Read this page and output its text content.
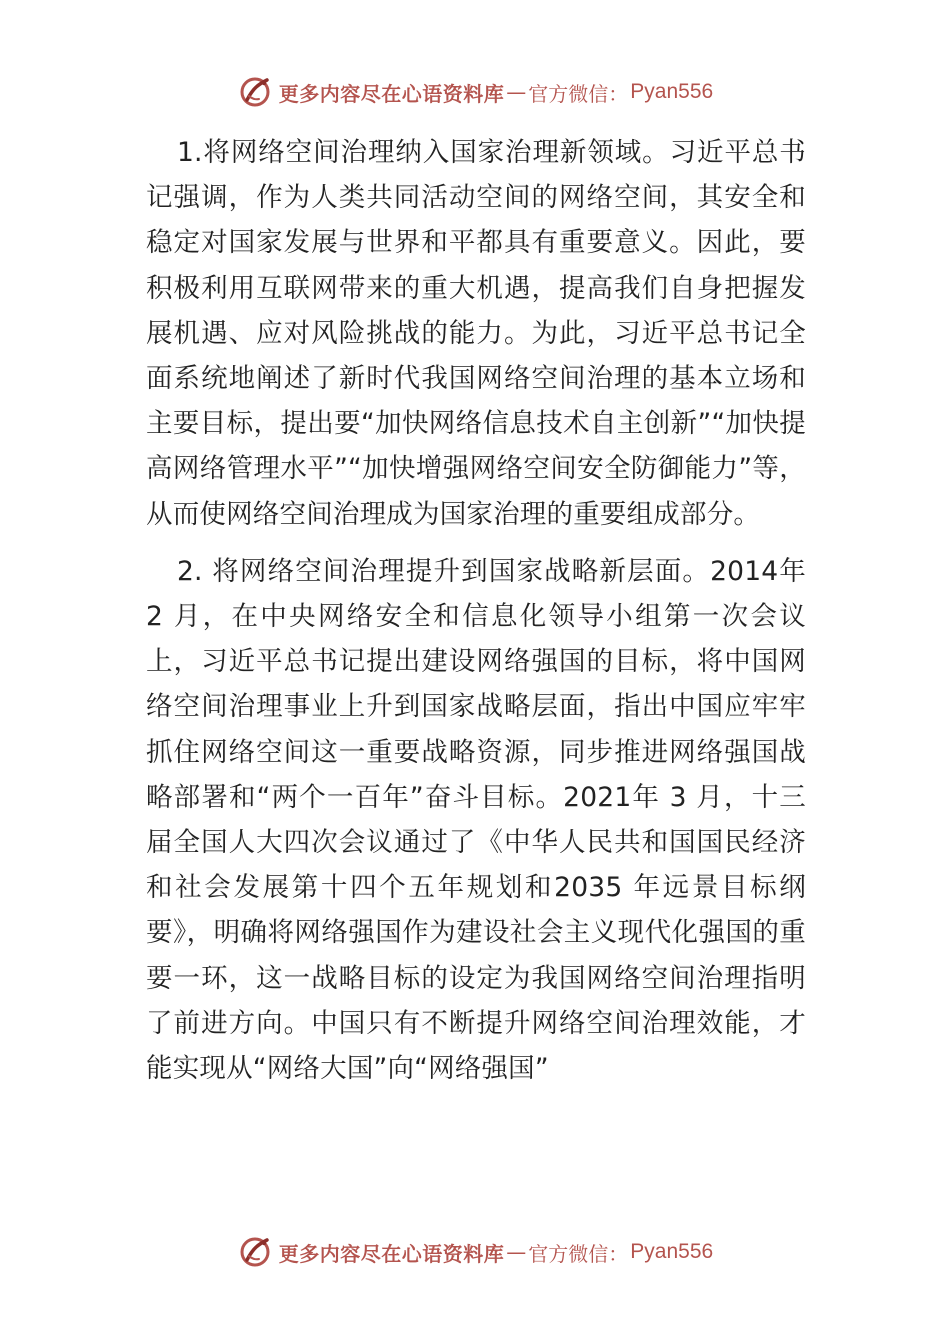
更多内容尽在心语资料库 — 官方微信： Pyan556

1.将网络空间治理纳入国家治理新领域。习近平总书记强调，作为人类共同活动空间的网络空间，其安全和稳定对国家发展与世界和平都具有重要意义。因此，要积极利用互联网带来的重大机遇，提高我们自身把握发展机遇、应对风险挑战的能力。为此，习近平总书记全面系统地阐述了新时代我国网络空间治理的基本立场和主要目标，提出要“加快网络信息技术自主创新”“加快提高网络管理水平”“加快增强网络空间安全防御能力”等，从而使网络空间治理成为国家治理的重要组成部分。

2. 将网络空间治理提升到国家战略新层面。2014年 2 月，在中央网络安全和信息化领导小组第一次会议上，习近平总书记提出建设网络强国的目标，将中国网络空间治理事业上升到国家战略层面，指出中国应牢牢抓住网络空间这一重要战略资源，同步推进网络强国战略部署和“两个一百年”奋斗目标。2021年 3 月，十三届全国人大四次会议通过了《中华人民共和国国民经济和社会发展第十四个五年规划和2035 年远景目标纲要》，明确将网络强国作为建设社会主义现代化强国的重要一环，这一战略目标的设定为我国网络空间治理指明了前进方向。中国只有不断提升网络空间治理效能，才能实现从“网络大国”向“网络强国”

更多内容尽在心语资料库 — 官方微信： Pyan556
